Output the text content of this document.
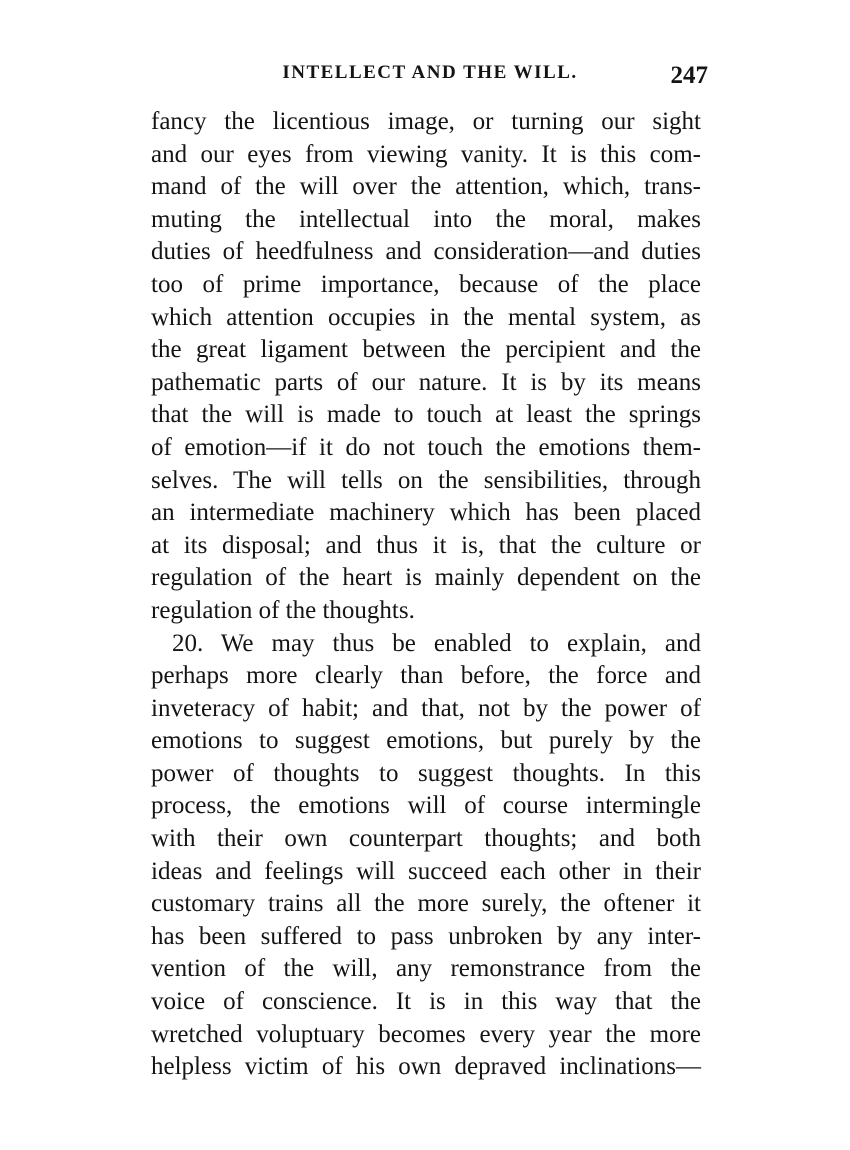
INTELLECT AND THE WILL.	247
fancy the licentious image, or turning our sight
and our eyes from viewing vanity. It is this com-
mand of the will over the attention, which, trans-
muting the intellectual into the moral, makes
duties of heedfulness and consideration—and duties
too of prime importance, because of the place
which attention occupies in the mental system, as
the great ligament between the percipient and the
pathematic parts of our nature. It is by its means
that the will is made to touch at least the springs
of emotion—if it do not touch the emotions them-
selves. The will tells on the sensibilities, through
an intermediate machinery which has been placed
at its disposal; and thus it is, that the culture or
regulation of the heart is mainly dependent on the
regulation of the thoughts.
20. We may thus be enabled to explain, and
perhaps more clearly than before, the force and
inveteracy of habit; and that, not by the power of
emotions to suggest emotions, but purely by the
power of thoughts to suggest thoughts. In this
process, the emotions will of course intermingle
with their own counterpart thoughts; and both
ideas and feelings will succeed each other in their
customary trains all the more surely, the oftener it
has been suffered to pass unbroken by any inter-
vention of the will, any remonstrance from the
voice of conscience. It is in this way that the
wretched voluptuary becomes every year the more
helpless victim of his own depraved inclinations—
